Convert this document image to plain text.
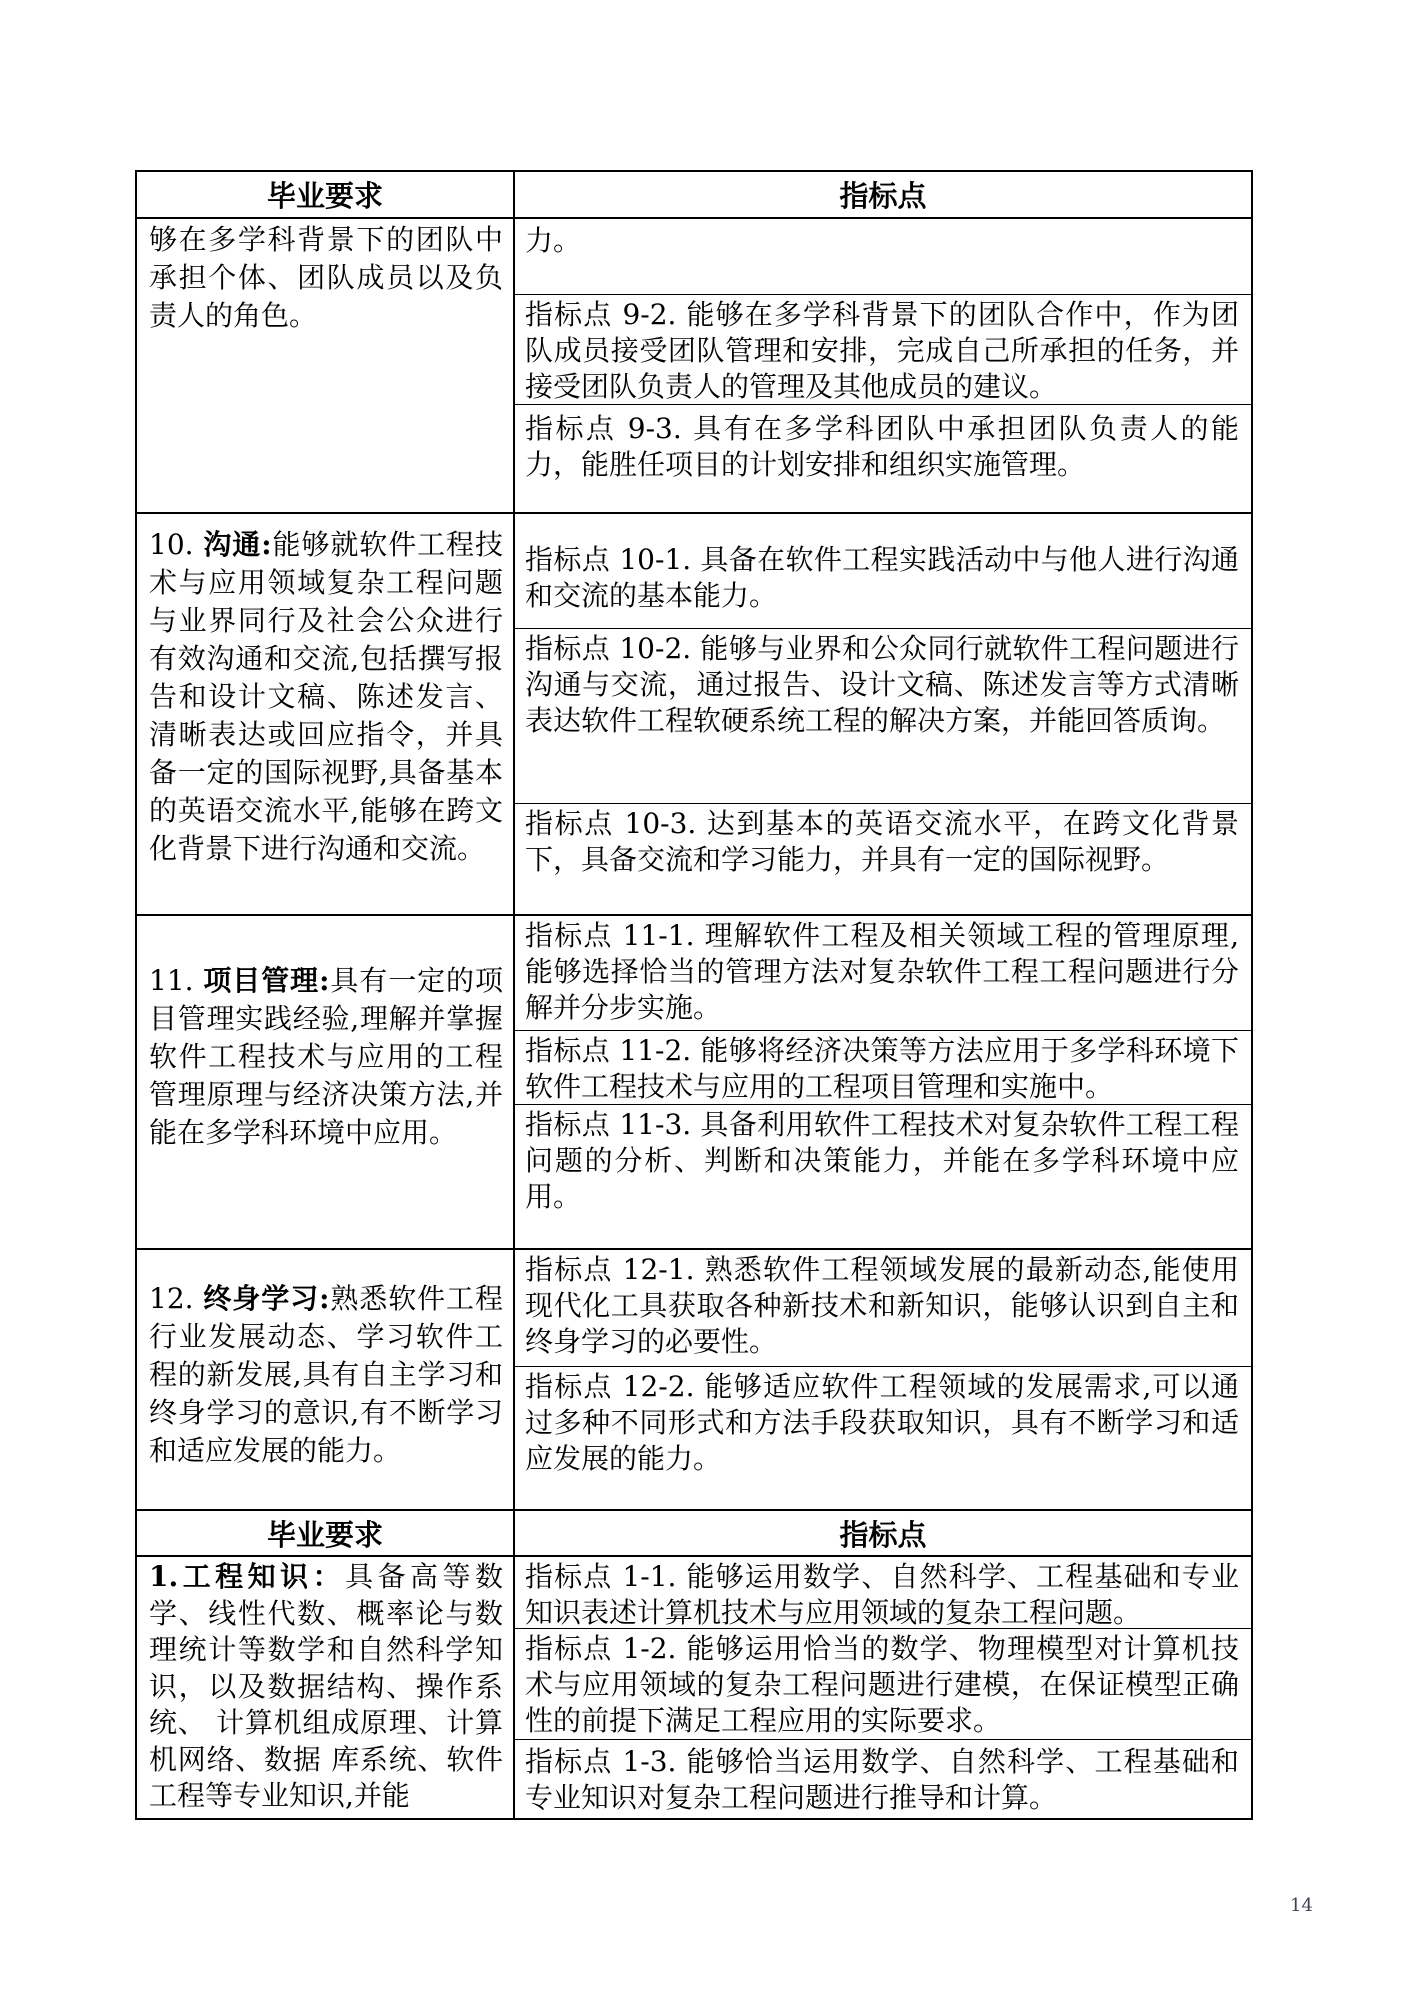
毕业要求	指标点
够在多学科背景下的团队中承担个体、团队成员以及负责人的角色。
力。
指标点 9-2. 能够在多学科背景下的团队合作中，作为团队成员接受团队管理和安排，完成自己所承担的任务，并接受团队负责人的管理及其他成员的建议。
指标点 9-3. 具有在多学科团队中承担团队负责人的能力，能胜任项目的计划安排和组织实施管理。
10. 沟通:能够就软件工程技术与应用领域复杂工程问题与业界同行及社会公众进行有效沟通和交流,包括撰写报告和设计文稿、陈述发言、清晰表达或回应指令，并具备一定的国际视野,具备基本的英语交流水平,能够在跨文化背景下进行沟通和交流。
指标点 10-1. 具备在软件工程实践活动中与他人进行沟通和交流的基本能力。
指标点 10-2. 能够与业界和公众同行就软件工程问题进行沟通与交流，通过报告、设计文稿、陈述发言等方式清晰表达软件工程软硬系统工程的解决方案，并能回答质询。
指标点 10-3. 达到基本的英语交流水平，在跨文化背景下，具备交流和学习能力，并具有一定的国际视野。
11. 项目管理:具有一定的项目管理实践经验,理解并掌握软件工程技术与应用的工程管理原理与经济决策方法,并能在多学科环境中应用。
指标点 11-1. 理解软件工程及相关领域工程的管理原理,能够选择恰当的管理方法对复杂软件工程工程问题进行分解并分步实施。
指标点 11-2. 能够将经济决策等方法应用于多学科环境下软件工程技术与应用的工程项目管理和实施中。
指标点 11-3. 具备利用软件工程技术对复杂软件工程工程问题的分析、判断和决策能力，并能在多学科环境中应用。
12. 终身学习:熟悉软件工程行业发展动态、学习软件工程的新发展,具有自主学习和终身学习的意识,有不断学习和适应发展的能力。
指标点 12-1. 熟悉软件工程领域发展的最新动态,能使用现代化工具获取各种新技术和新知识，能够认识到自主和终身学习的必要性。
指标点 12-2. 能够适应软件工程领域的发展需求,可以通过多种不同形式和方法手段获取知识，具有不断学习和适应发展的能力。
毕业要求	指标点
1.工程知识：具备高等数学、线性代数、概率论与数理统计等数学和自然科学知识，以及数据结构、操作系 统、 计算机组成原理、计算机网络、数据 库系统、软件工程等专业知识,并能
指标点 1-1. 能够运用数学、自然科学、工程基础和专业知识表述计算机技术与应用领域的复杂工程问题。
指标点 1-2. 能够运用恰当的数学、物理模型对计算机技术与应用领域的复杂工程问题进行建模，在保证模型正确性的前提下满足工程应用的实际要求。
指标点 1-3. 能够恰当运用数学、自然科学、工程基础和专业知识对复杂工程问题进行推导和计算。
14
